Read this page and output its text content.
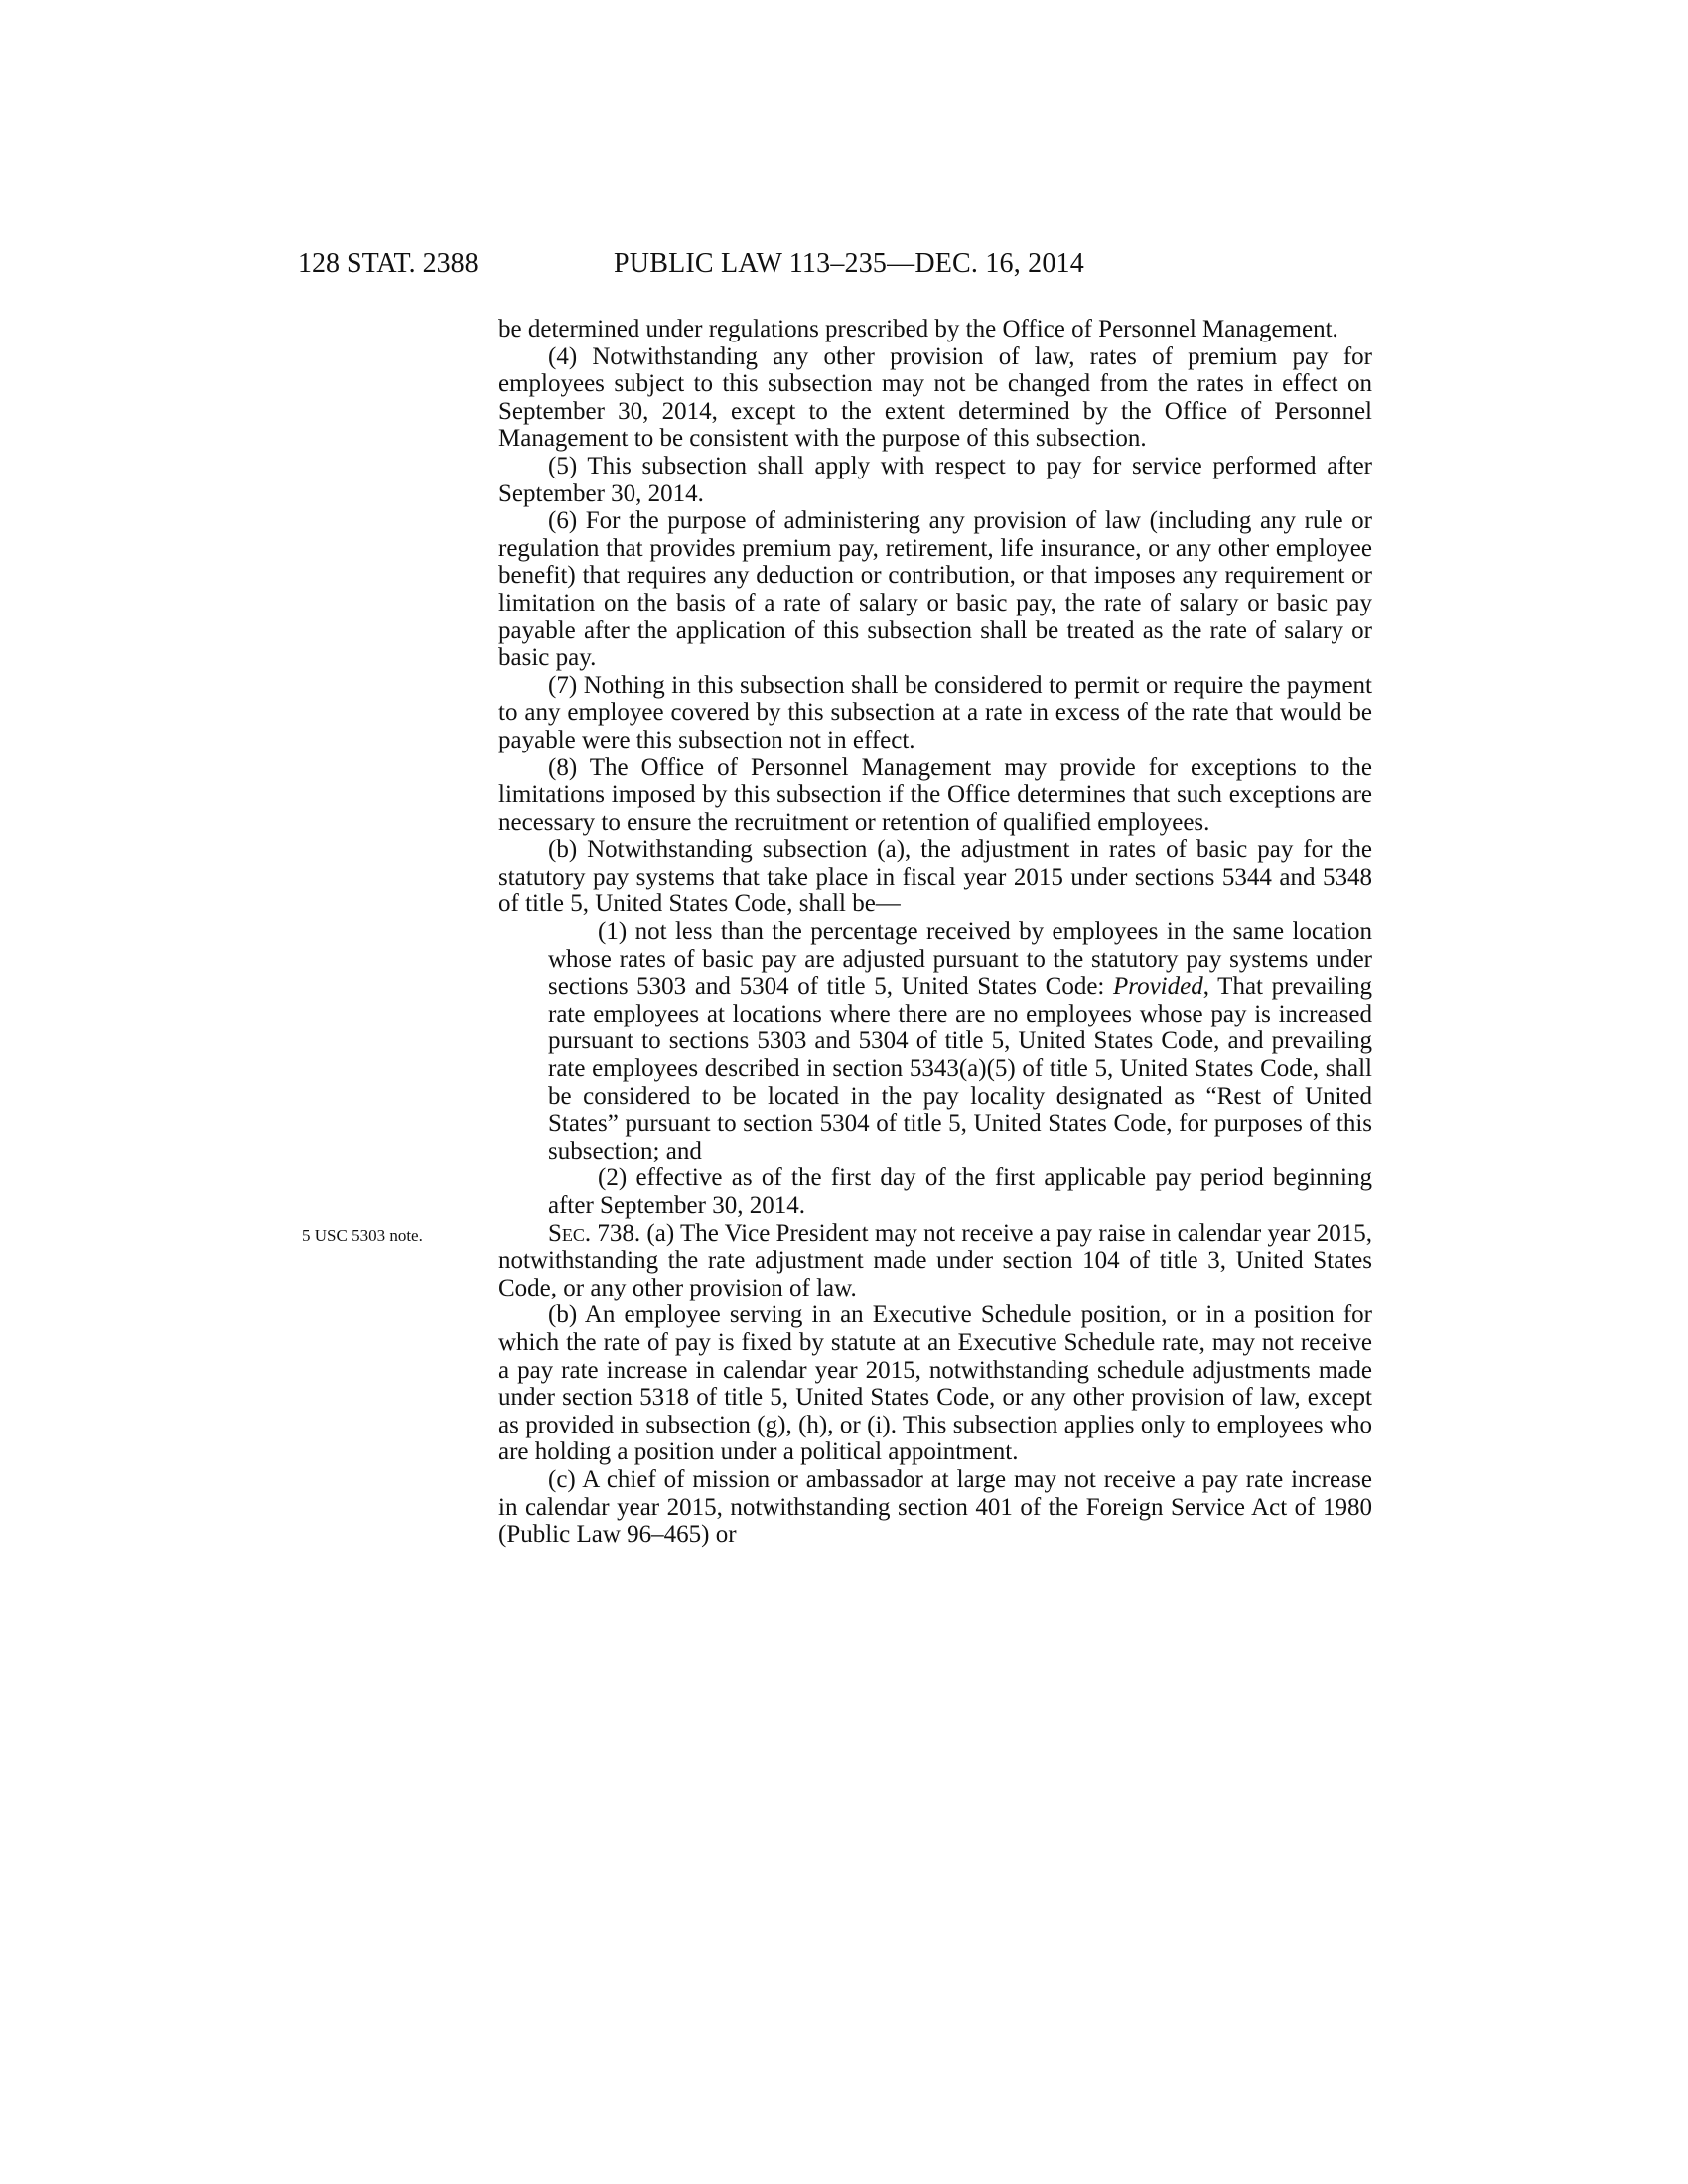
128 STAT. 2388	PUBLIC LAW 113–235—DEC. 16, 2014

be determined under regulations prescribed by the Office of Personnel Management.

(4) Notwithstanding any other provision of law, rates of premium pay for employees subject to this subsection may not be changed from the rates in effect on September 30, 2014, except to the extent determined by the Office of Personnel Management to be consistent with the purpose of this subsection.

(5) This subsection shall apply with respect to pay for service performed after September 30, 2014.

(6) For the purpose of administering any provision of law (including any rule or regulation that provides premium pay, retirement, life insurance, or any other employee benefit) that requires any deduction or contribution, or that imposes any requirement or limitation on the basis of a rate of salary or basic pay, the rate of salary or basic pay payable after the application of this subsection shall be treated as the rate of salary or basic pay.

(7) Nothing in this subsection shall be considered to permit or require the payment to any employee covered by this subsection at a rate in excess of the rate that would be payable were this subsection not in effect.

(8) The Office of Personnel Management may provide for exceptions to the limitations imposed by this subsection if the Office determines that such exceptions are necessary to ensure the recruitment or retention of qualified employees.

(b) Notwithstanding subsection (a), the adjustment in rates of basic pay for the statutory pay systems that take place in fiscal year 2015 under sections 5344 and 5348 of title 5, United States Code, shall be—

(1) not less than the percentage received by employees in the same location whose rates of basic pay are adjusted pursuant to the statutory pay systems under sections 5303 and 5304 of title 5, United States Code: Provided, That prevailing rate employees at locations where there are no employees whose pay is increased pursuant to sections 5303 and 5304 of title 5, United States Code, and prevailing rate employees described in section 5343(a)(5) of title 5, United States Code, shall be considered to be located in the pay locality designated as “Rest of United States” pursuant to section 5304 of title 5, United States Code, for purposes of this subsection; and

(2) effective as of the first day of the first applicable pay period beginning after September 30, 2014.

5 USC 5303 note.	Sec. 738. (a) The Vice President may not receive a pay raise in calendar year 2015, notwithstanding the rate adjustment made under section 104 of title 3, United States Code, or any other provision of law.

(b) An employee serving in an Executive Schedule position, or in a position for which the rate of pay is fixed by statute at an Executive Schedule rate, may not receive a pay rate increase in calendar year 2015, notwithstanding schedule adjustments made under section 5318 of title 5, United States Code, or any other provision of law, except as provided in subsection (g), (h), or (i). This subsection applies only to employees who are holding a position under a political appointment.

(c) A chief of mission or ambassador at large may not receive a pay rate increase in calendar year 2015, notwithstanding section 401 of the Foreign Service Act of 1980 (Public Law 96–465) or
